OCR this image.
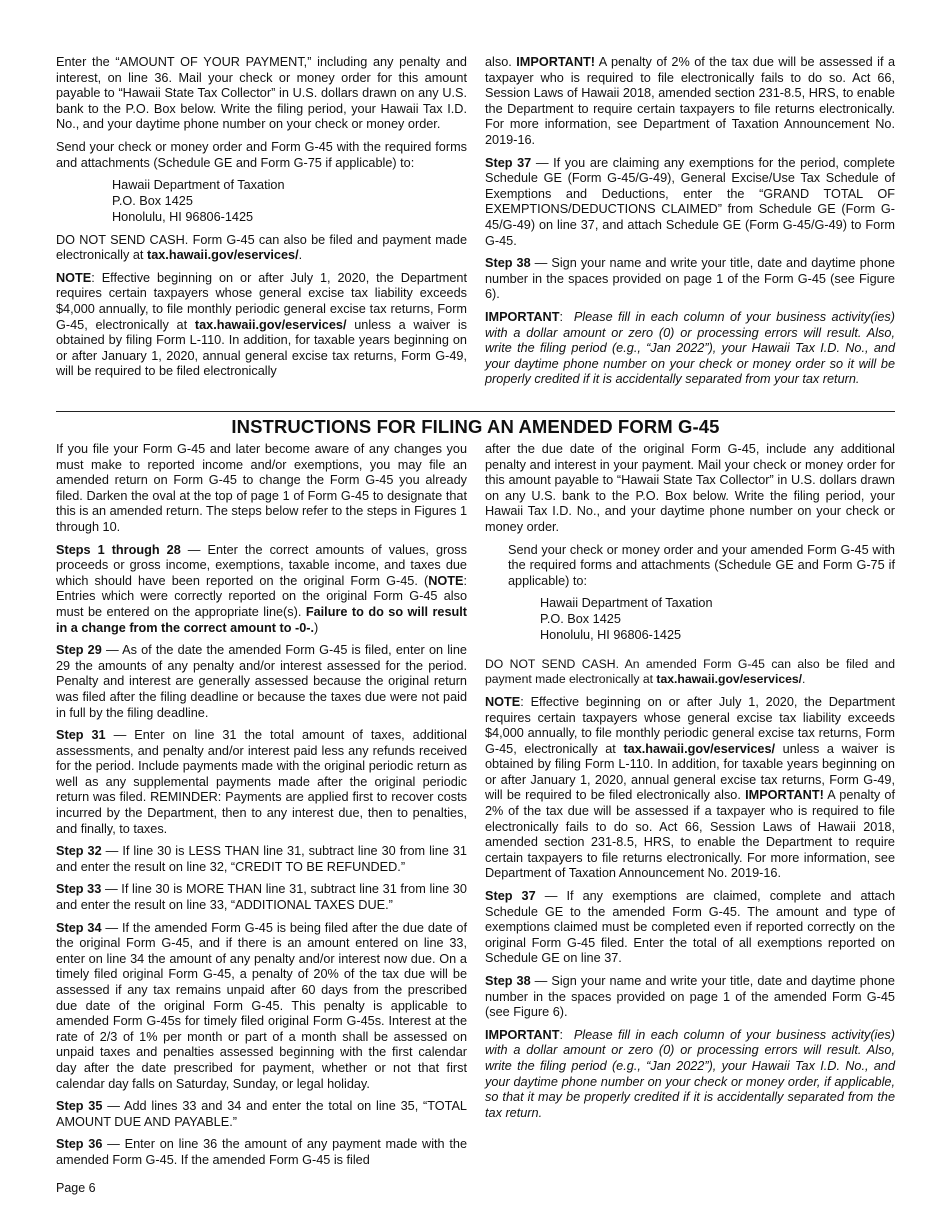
Enter the “AMOUNT OF YOUR PAYMENT,” including any penalty and interest, on line 36. Mail your check or money order for this amount payable to “Hawaii State Tax Collector” in U.S. dollars drawn on any U.S. bank to the P.O. Box below. Write the filing period, your Hawaii Tax I.D. No., and your daytime phone number on your check or money order.

Send your check or money order and Form G-45 with the required forms and attachments (Schedule GE and Form G-75 if applicable) to:

Hawaii Department of Taxation
P.O. Box 1425
Honolulu, HI 96806-1425

DO NOT SEND CASH. Form G-45 can also be filed and payment made electronically at tax.hawaii.gov/eservices/.

NOTE: Effective beginning on or after July 1, 2020, the Department requires certain taxpayers whose general excise tax liability exceeds $4,000 annually, to file monthly periodic general excise tax returns, Form G-45, electronically at tax.hawaii.gov/eservices/ unless a waiver is obtained by filing Form L-110. In addition, for taxable years beginning on or after January 1, 2020, annual general excise tax returns, Form G-49, will be required to be filed electronically

also. IMPORTANT! A penalty of 2% of the tax due will be assessed if a taxpayer who is required to file electronically fails to do so. Act 66, Session Laws of Hawaii 2018, amended section 231-8.5, HRS, to enable the Department to require certain taxpayers to file returns electronically. For more information, see Department of Taxation Announcement No. 2019-16.

Step 37 — If you are claiming any exemptions for the period, complete Schedule GE (Form G-45/G-49), General Excise/Use Tax Schedule of Exemptions and Deductions, enter the “GRAND TOTAL OF EXEMPTIONS/DEDUCTIONS CLAIMED” from Schedule GE (Form G-45/G-49) on line 37, and attach Schedule GE (Form G-45/G-49) to Form G-45.

Step 38 — Sign your name and write your title, date and daytime phone number in the spaces provided on page 1 of the Form G-45 (see Figure 6).

IMPORTANT:  Please fill in each column of your business activity(ies) with a dollar amount or zero (0) or processing errors will result. Also, write the filing period (e.g., “Jan 2022”), your Hawaii Tax I.D. No., and your daytime phone number on your check or money order so it will be properly credited if it is accidentally separated from your tax return.

INSTRUCTIONS FOR FILING AN AMENDED FORM G-45

If you file your Form G-45 and later become aware of any changes you must make to reported income and/or exemptions, you may file an amended return on Form G-45 to change the Form G-45 you already filed. Darken the oval at the top of page 1 of Form G-45 to designate that this is an amended return. The steps below refer to the steps in Figures 1 through 10.

Steps 1 through 28 — Enter the correct amounts of values, gross proceeds or gross income, exemptions, taxable income, and taxes due which should have been reported on the original Form G-45. (NOTE: Entries which were correctly reported on the original Form G-45 also must be entered on the appropriate line(s). Failure to do so will result in a change from the correct amount to -0-.)

Step 29 — As of the date the amended Form G-45 is filed, enter on line 29 the amounts of any penalty and/or interest assessed for the period. Penalty and interest are generally assessed because the original return was filed after the filing deadline or because the taxes due were not paid in full by the filing deadline.

Step 31 — Enter on line 31 the total amount of taxes, additional assessments, and penalty and/or interest paid less any refunds received for the period. Include payments made with the original periodic return as well as any supplemental payments made after the original periodic return was filed. REMINDER: Payments are applied first to recover costs incurred by the Department, then to any interest due, then to penalties, and finally, to taxes.

Step 32 — If line 30 is LESS THAN line 31, subtract line 30 from line 31 and enter the result on line 32, “CREDIT TO BE REFUNDED.”

Step 33 — If line 30 is MORE THAN line 31, subtract line 31 from line 30 and enter the result on line 33, “ADDITIONAL TAXES DUE.”

Step 34 — If the amended Form G-45 is being filed after the due date of the original Form G-45, and if there is an amount entered on line 33, enter on line 34 the amount of any penalty and/or interest now due. On a timely filed original Form G-45, a penalty of 20% of the tax due will be assessed if any tax remains unpaid after 60 days from the prescribed due date of the original Form G-45. This penalty is applicable to amended Form G-45s for timely filed original Form G-45s. Interest at the rate of 2/3 of 1% per month or part of a month shall be assessed on unpaid taxes and penalties assessed beginning with the first calendar day after the date prescribed for payment, whether or not that first calendar day falls on Saturday, Sunday, or legal holiday.

Step 35 — Add lines 33 and 34 and enter the total on line 35, “TOTAL AMOUNT DUE AND PAYABLE.”

Step 36 — Enter on line 36 the amount of any payment made with the amended Form G-45. If the amended Form G-45 is filed

after the due date of the original Form G-45, include any additional penalty and interest in your payment. Mail your check or money order for this amount payable to “Hawaii State Tax Collector” in U.S. dollars drawn on any U.S. bank to the P.O. Box below. Write the filing period, your Hawaii Tax I.D. No., and your daytime phone number on your check or money order.

Send your check or money order and your amended Form G-45 with the required forms and attachments (Schedule GE and Form G-75 if applicable) to:

Hawaii Department of Taxation
P.O. Box 1425
Honolulu, HI 96806-1425

DO NOT SEND CASH. An amended Form G-45 can also be filed and payment made electronically at tax.hawaii.gov/eservices/.

NOTE: Effective beginning on or after July 1, 2020, the Department requires certain taxpayers whose general excise tax liability exceeds $4,000 annually, to file monthly periodic general excise tax returns, Form G-45, electronically at tax.hawaii.gov/eservices/ unless a waiver is obtained by filing Form L-110. In addition, for taxable years beginning on or after January 1, 2020, annual general excise tax returns, Form G-49, will be required to be filed electronically also. IMPORTANT! A penalty of 2% of the tax due will be assessed if a taxpayer who is required to file electronically fails to do so. Act 66, Session Laws of Hawaii 2018, amended section 231-8.5, HRS, to enable the Department to require certain taxpayers to file returns electronically. For more information, see Department of Taxation Announcement No. 2019-16.

Step 37 — If any exemptions are claimed, complete and attach Schedule GE to the amended Form G-45. The amount and type of exemptions claimed must be completed even if reported correctly on the original Form G-45 filed. Enter the total of all exemptions reported on Schedule GE on line 37.

Step 38 — Sign your name and write your title, date and daytime phone number in the spaces provided on page 1 of the amended Form G-45 (see Figure 6).

IMPORTANT:  Please fill in each column of your business activity(ies) with a dollar amount or zero (0) or processing errors will result. Also, write the filing period (e.g., “Jan 2022”), your Hawaii Tax I.D. No., and your daytime phone number on your check or money order, if applicable, so that it may be properly credited if it is accidentally separated from the tax return.

Page 6
